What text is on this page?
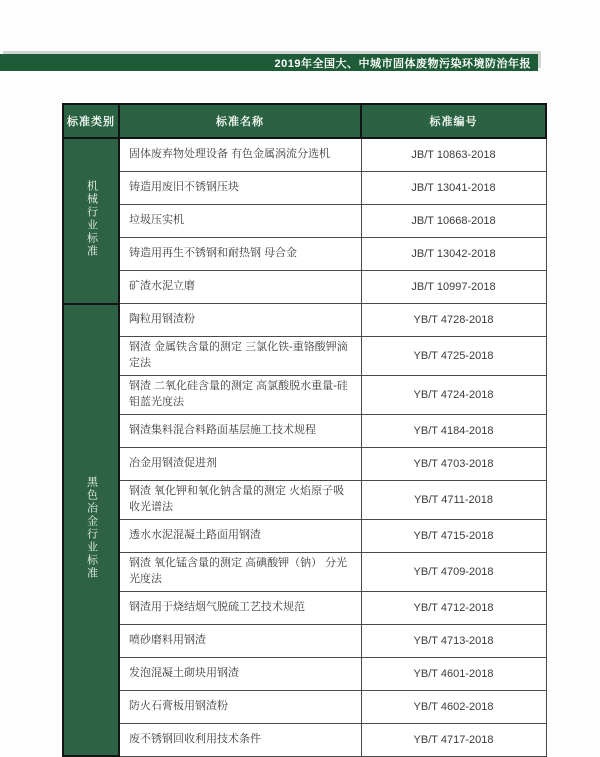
2019年全国大、中城市固体废物污染环境防治年报
标准类别	标准名称	标准编号
机械行业标准	固体废弃物处理设备 有色金属涡流分选机	JB/T 10863-2018
	铸造用废旧不锈钢压块	JB/T 13041-2018
	垃圾压实机	JB/T 10668-2018
	铸造用再生不锈钢和耐热钢 母合金	JB/T 13042-2018
	矿渣水泥立磨	JB/T 10997-2018
黑色冶金行业标准	陶粒用钢渣粉	YB/T 4728-2018
	钢渣 金属铁含量的测定 三氯化铁-重铬酸钾滴定法	YB/T 4725-2018
	钢渣 二氧化硅含量的测定 高氯酸脱水重量-硅钼蓝光度法	YB/T 4724-2018
	钢渣集料混合料路面基层施工技术规程	YB/T 4184-2018
	冶金用钢渣促进剂	YB/T 4703-2018
	钢渣 氧化钾和氧化钠含量的测定 火焰原子吸收光谱法	YB/T 4711-2018
	透水水泥混凝土路面用钢渣	YB/T 4715-2018
	钢渣 氧化锰含量的测定 高碘酸钾（钠） 分光光度法	YB/T 4709-2018
	钢渣用于烧结烟气脱硫工艺技术规范	YB/T 4712-2018
	喷砂磨料用钢渣	YB/T 4713-2018
	发泡混凝土砌块用钢渣	YB/T 4601-2018
	防火石膏板用钢渣粉	YB/T 4602-2018
	废不锈钢回收利用技术条件	YB/T 4717-2018
